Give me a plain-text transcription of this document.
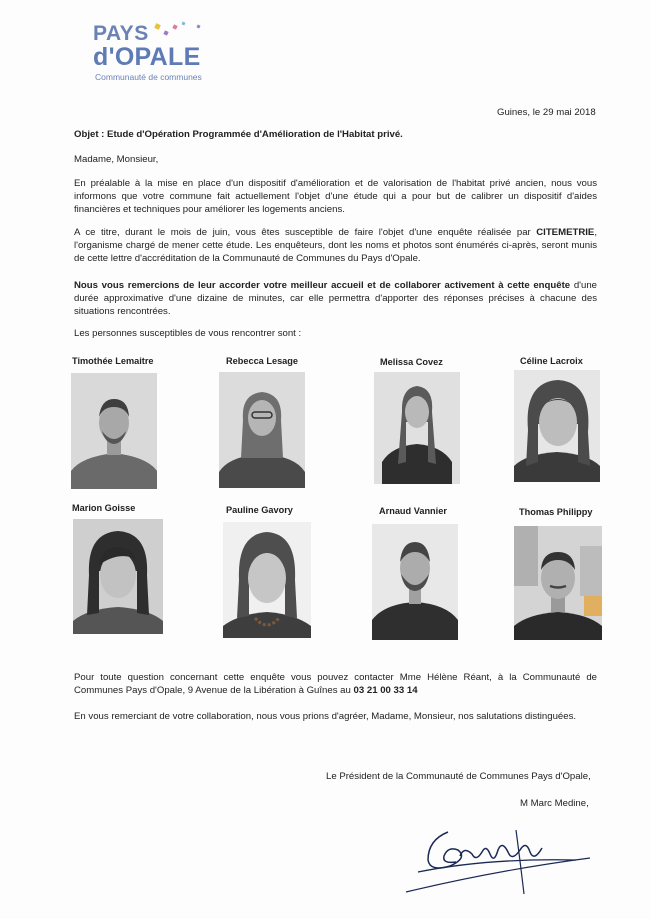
PAYS
d'OPALE
Communauté de communes
Guines, le 29 mai 2018
Objet : Etude d'Opération Programmée d'Amélioration de l'Habitat privé.
Madame, Monsieur,
En préalable à la mise en place d'un dispositif d'amélioration et de valorisation de l'habitat privé ancien, nous vous informons que votre commune fait actuellement l'objet d'une étude qui a pour but de calibrer un dispositif d'aides financières et techniques pour améliorer les logements anciens.
A ce titre, durant le mois de juin, vous êtes susceptible de faire l'objet d'une enquête réalisée par CITEMETRIE, l'organisme chargé de mener cette étude. Les enquêteurs, dont les noms et photos sont énumérés ci-après, seront munis de cette lettre d'accréditation de la Communauté de Communes du Pays d'Opale.
Nous vous remercions de leur accorder votre meilleur accueil et de collaborer activement à cette enquête d'une durée approximative d'une dizaine de minutes, car elle permettra d'apporter des réponses précises à chacune des situations rencontrées.
Les personnes susceptibles de vous rencontrer sont :
Timothée Lemaitre	Rebecca Lesage	Melissa Covez	Céline Lacroix
Marion Goisse	Pauline Gavory	Arnaud Vannier	Thomas Philippy
Pour toute question concernant cette enquête vous pouvez contacter Mme Hélène Réant, à la Communauté de Communes Pays d'Opale, 9 Avenue de la Libération à Guînes au 03 21 00 33 14
En vous remerciant de votre collaboration, nous vous prions d'agréer, Madame, Monsieur, nos salutations distinguées.
Le Président de la Communauté de Communes Pays d'Opale,
M Marc Medine,
